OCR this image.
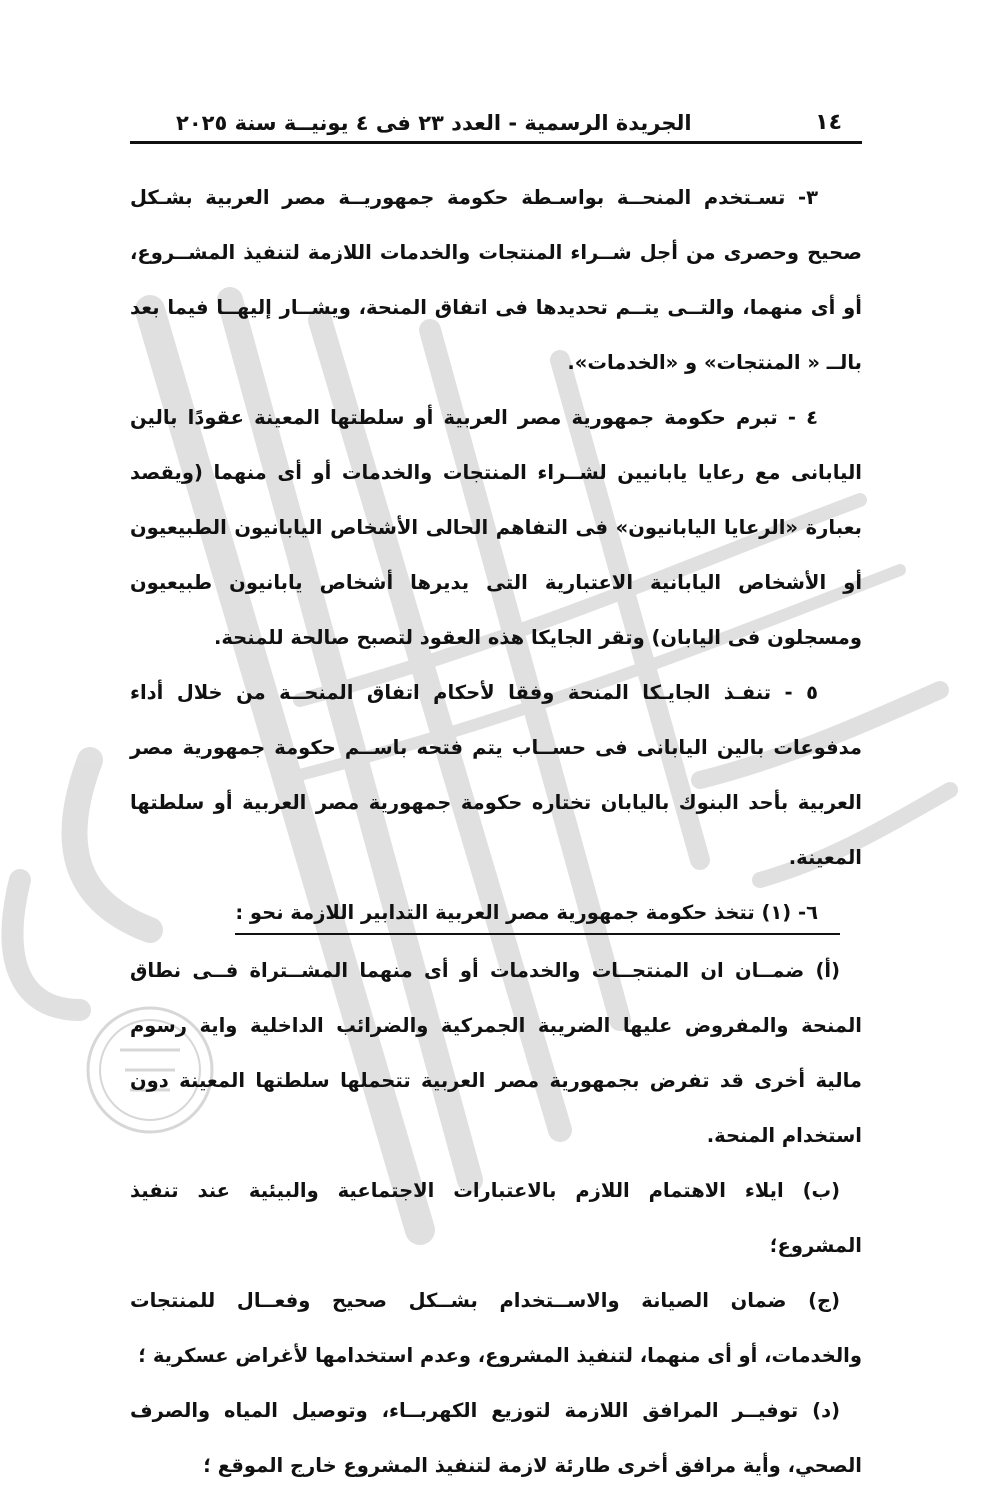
١٤
الجريدة الرسمية - العدد ٢٣ فى ٤ يونيــة سنة ٢٠٢٥

٣- تسـتخدم المنحــة بواسـطة حكومة جمهوريــة مصر العربية بشـكل صحيح وحصرى من أجل شــراء المنتجات والخدمات اللازمة لتنفيذ المشــروع، أو أى منهما، والتــى يتــم تحديدها فى اتفاق المنحة، ويشــار إليهــا فيما بعد بالــ « المنتجات» و «الخدمات».

٤ - تبرم حكومة جمهورية مصر العربية أو سلطتها المعينة عقودًا بالين اليابانى مع رعايا يابانيين لشــراء المنتجات والخدمات أو أى منهما (ويقصد بعبارة «الرعايا اليابانيون» فى التفاهم الحالى الأشخاص اليابانيون الطبيعيون أو الأشخاص اليابانية الاعتبارية التى يديرها أشخاص يابانيون طبيعيون ومسجلون فى اليابان) وتقر الجايكا هذه العقود لتصبح صالحة للمنحة.

٥ - تنفـذ الجايـكا المنحة وفقا لأحكام اتفاق المنحــة من خلال أداء مدفوعات بالين اليابانى فى حســاب يتم فتحه باســم حكومة جمهورية مصر العربية بأحد البنوك باليابان تختاره حكومة جمهورية مصر العربية أو سلطتها المعينة.

٦- (١) تتخذ حكومة جمهورية مصر العربية التدابير اللازمة نحو :

(أ) ضمــان ان المنتجــات والخدمات أو أى منهما المشــتراة فــى نطاق المنحة والمفروض عليها الضريبة الجمركية والضرائب الداخلية واية رسوم مالية أخرى قد تفرض بجمهورية مصر العربية تتحملها سلطتها المعينة دون استخدام المنحة.

(ب) ايلاء الاهتمام اللازم بالاعتبارات الاجتماعية والبيئية عند تنفيذ المشروع؛

(ج) ضمان الصيانة والاســتخدام بشــكل صحيح وفعــال للمنتجات والخدمات، أو أى منهما، لتنفيذ المشروع، وعدم استخدامها لأغراض عسكرية ؛

(د) توفيــر المرافق اللازمة لتوزيع الكهربــاء، وتوصيل المياه والصرف الصحي، وأية مرافق أخرى طارئة لازمة لتنفيذ المشروع خارج الموقع ؛
